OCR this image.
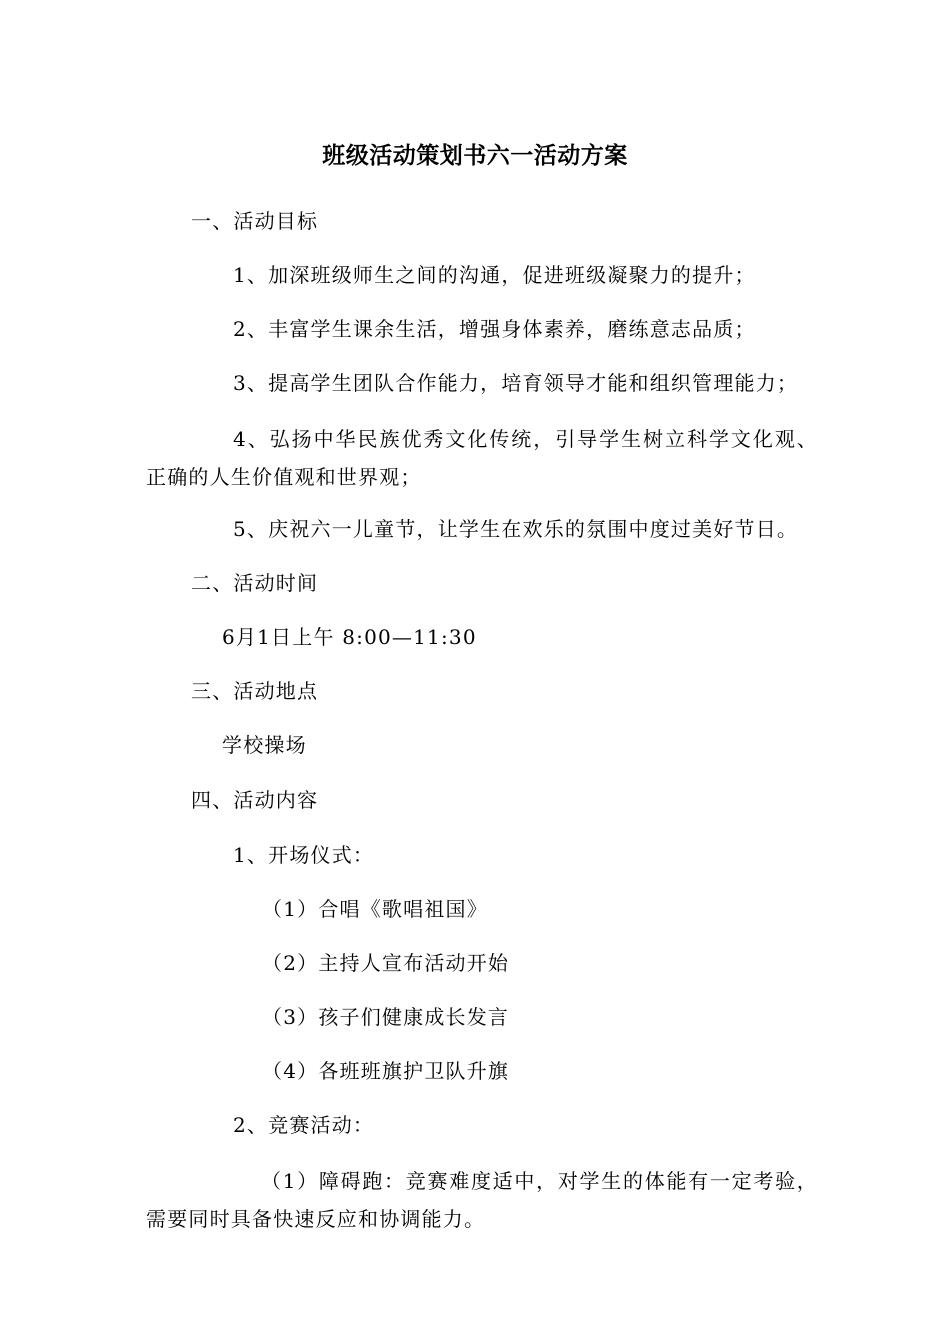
班级活动策划书六一活动方案
一、活动目标
1、加深班级师生之间的沟通，促进班级凝聚力的提升；
2、丰富学生课余生活，增强身体素养，磨练意志品质；
3、提高学生团队合作能力，培育领导才能和组织管理能力；
4、弘扬中华民族优秀文化传统，引导学生树立科学文化观、正确的人生价值观和世界观；
5、庆祝六一儿童节，让学生在欢乐的氛围中度过美好节日。
二、活动时间
6月1日上午 8:00—11:30
三、活动地点
学校操场
四、活动内容
1、开场仪式：
（1）合唱《歌唱祖国》
（2）主持人宣布活动开始
（3）孩子们健康成长发言
（4）各班班旗护卫队升旗
2、竞赛活动：
（1）障碍跑：竞赛难度适中，对学生的体能有一定考验，需要同时具备快速反应和协调能力。
